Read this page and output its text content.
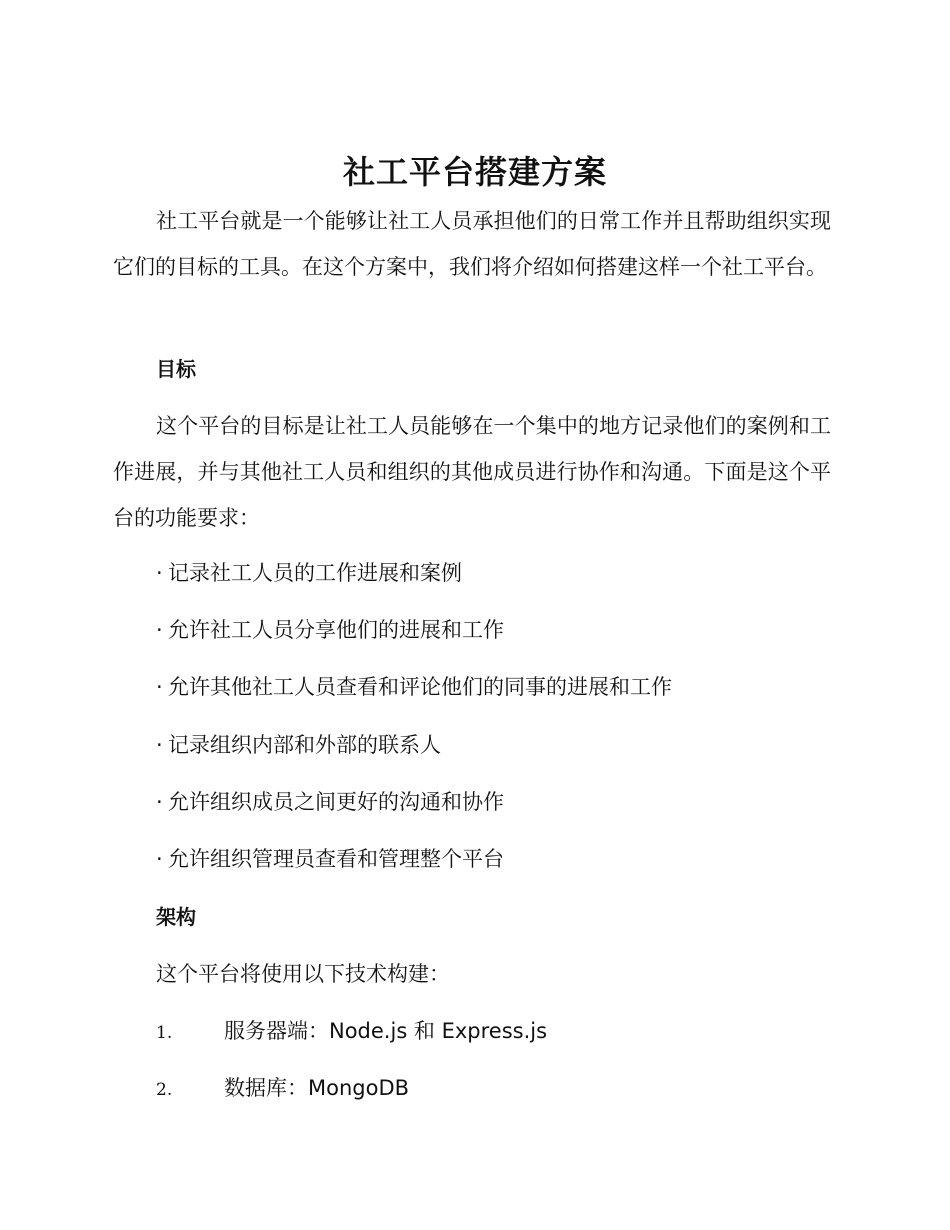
社工平台搭建方案

社工平台就是一个能够让社工人员承担他们的日常工作并且帮助组织实现它们的目标的工具。在这个方案中，我们将介绍如何搭建这样一个社工平台。

目标

这个平台的目标是让社工人员能够在一个集中的地方记录他们的案例和工作进展，并与其他社工人员和组织的其他成员进行协作和沟通。下面是这个平台的功能要求：

· 记录社工人员的工作进展和案例
· 允许社工人员分享他们的进展和工作
· 允许其他社工人员查看和评论他们的同事的进展和工作
· 记录组织内部和外部的联系人
· 允许组织成员之间更好的沟通和协作
· 允许组织管理员查看和管理整个平台
架构
这个平台将使用以下技术构建：
1. 服务器端：Node.js 和 Express.js
2. 数据库：MongoDB
